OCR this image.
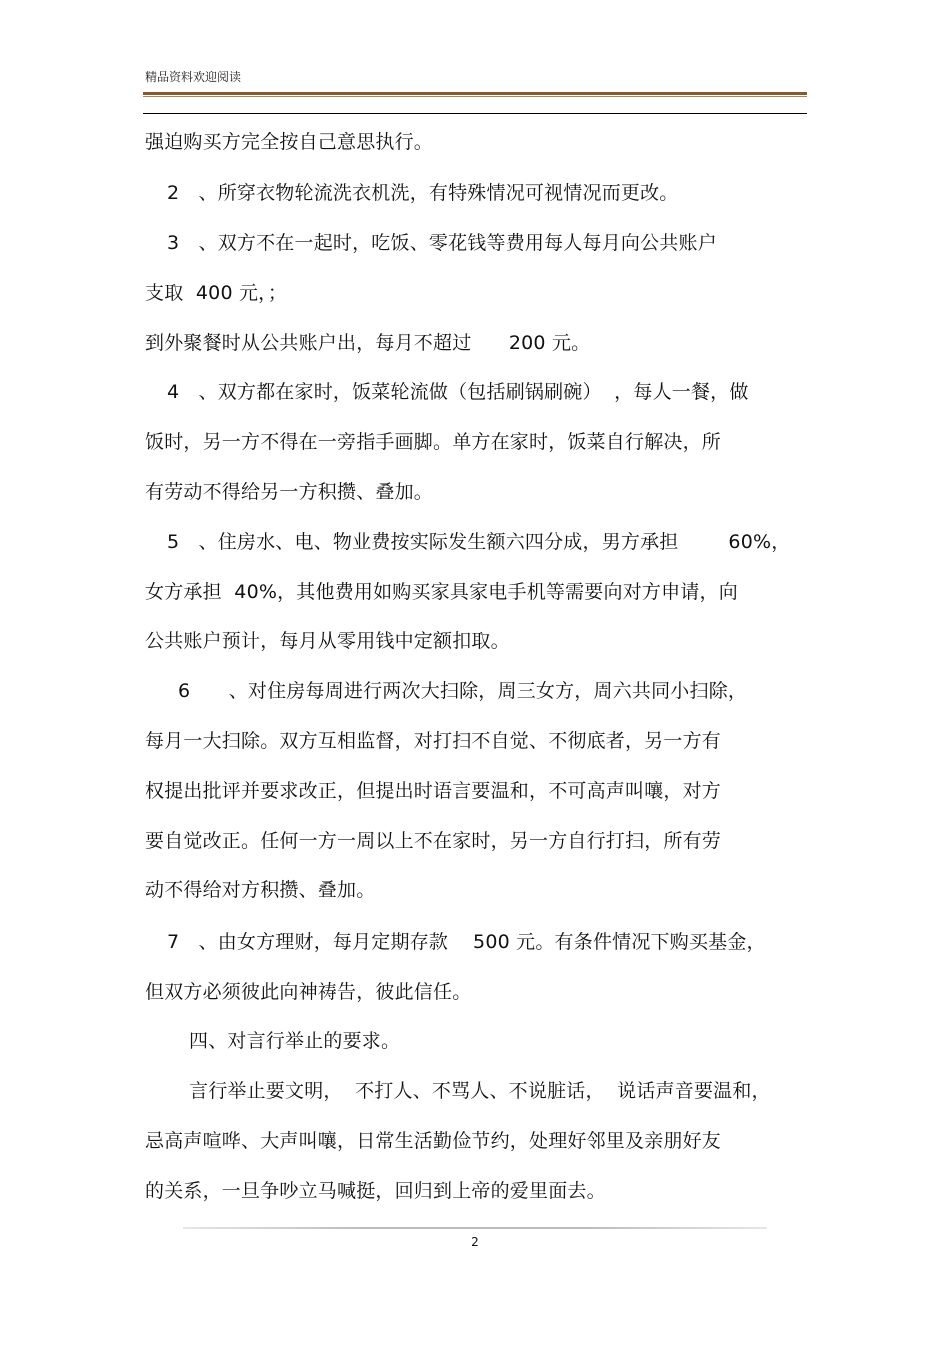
精品资料欢迎阅读
强迫购买方完全按自己意思执行。
2　、所穿衣物轮流洗衣机洗，有特殊情况可视情况而更改。
3　、双方不在一起时，吃饭、零花钱等费用每人每月向公共账户
支取  400 元，；
到外聚餐时从公共账户出，每月不超过      200 元。
4　、双方都在家时，饭菜轮流做（包括刷锅刷碗）  ，每人一餐，做
饭时，另一方不得在一旁指手画脚。单方在家时，饭菜自行解决，所
有劳动不得给另一方积攒、叠加。
5　、住房水、电、物业费按实际发生额六四分成，男方承担        60%，
女方承担  40%，其他费用如购买家具家电手机等需要向对方申请，向
公共账户预计，每月从零用钱中定额扣取。
6　　、对住房每周进行两次大扫除，周三女方，周六共同小扫除，
每月一大扫除。双方互相监督，对打扫不自觉、不彻底者，另一方有
权提出批评并要求改正，但提出时语言要温和，不可高声叫嚷，对方
要自觉改正。任何一方一周以上不在家时，另一方自行打扫，所有劳
动不得给对方积攒、叠加。
7　、由女方理财，每月定期存款    500 元。有条件情况下购买基金，
但双方必须彼此向神祷告，彼此信任。
四、对言行举止的要求。
言行举止要文明，  不打人、不骂人、不说脏话，  说话声音要温和，
忌高声喧哗、大声叫嚷，日常生活勤俭节约，处理好邻里及亲朋好友
的关系，一旦争吵立马喊挺，回归到上帝的爱里面去。
2
